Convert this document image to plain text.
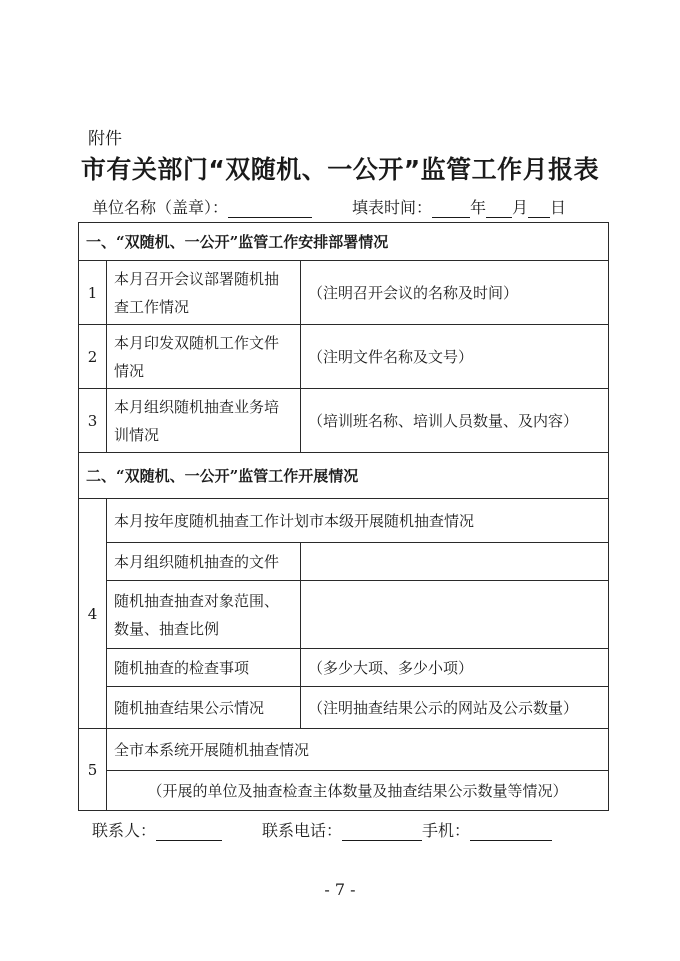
附件
市有关部门“双随机、一公开”监管工作月报表
单位名称（盖章）：	填表时间： 年 月 日
一、“双随机、一公开”监管工作安排部署情况		
1	本月召开会议部署随机抽查工作情况	（注明召开会议的名称及时间）
2	本月印发双随机工作文件情况	（注明文件名称及文号）
3	本月组织随机抽查业务培训情况	（培训班名称、培训人员数量、及内容）
二、“双随机、一公开”监管工作开展情况		
4	本月按年度随机抽查工作计划市本级开展随机抽查情况	
	本月组织随机抽查的文件	
	随机抽查抽查对象范围、数量、抽查比例	
	随机抽查的检查事项	（多少大项、多少小项）
	随机抽查结果公示情况	（注明抽查结果公示的网站及公示数量）
5	全市本系统开展随机抽查情况	
	（开展的单位及抽查检查主体数量及抽查结果公示数量等情况）	
联系人：	联系电话：	手机：
- 7 -
